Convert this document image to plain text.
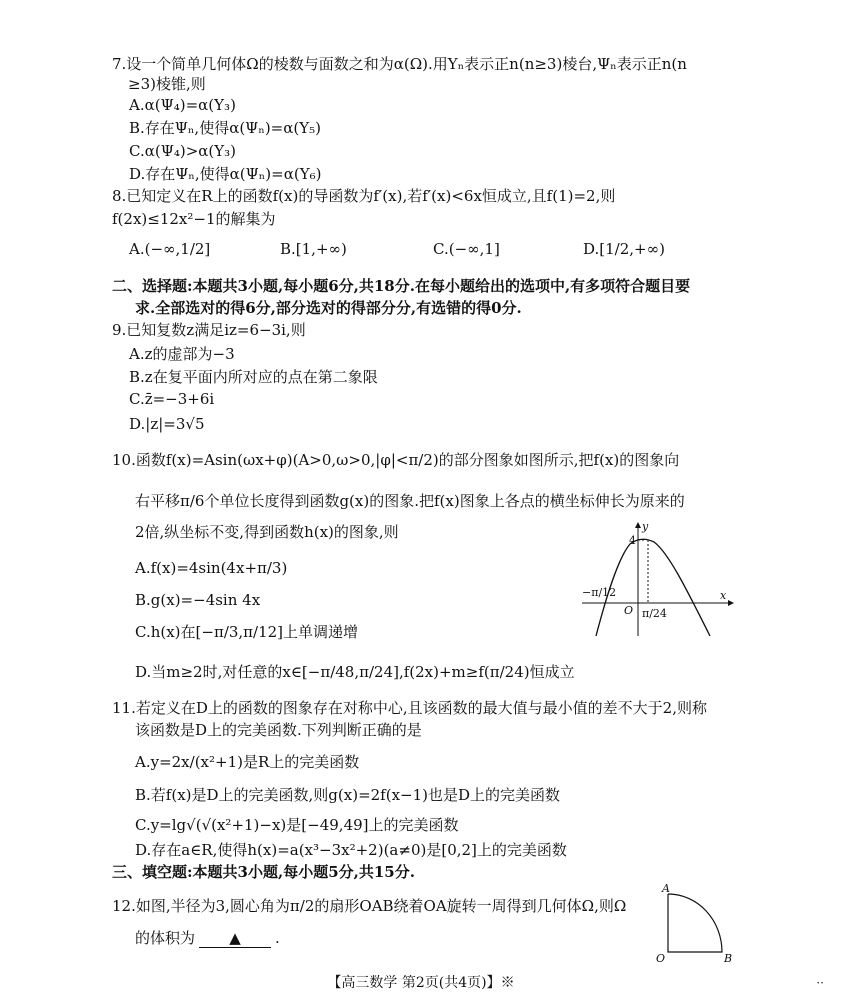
7.设一个简单几何体Ω的棱数与面数之和为α(Ω).用Υₙ表示正n(n≥3)棱台,Ψₙ表示正n(n
≥3)棱锥,则
A.α(Ψ₄)=α(Υ₃)
B.存在Ψₙ,使得α(Ψₙ)=α(Υ₅)
C.α(Ψ₄)>α(Υ₃)
D.存在Ψₙ,使得α(Ψₙ)=α(Υ₆)
8.已知定义在R上的函数f(x)的导函数为f′(x),若f′(x)<6x恒成立,且f(1)=2,则
f(2x)≤12x²−1的解集为
A.(−∞,1/2]	B.[1,+∞)	C.(−∞,1]	D.[1/2,+∞)
二、选择题:本题共3小题,每小题6分,共18分.在每小题给出的选项中,有多项符合题目要
求.全部选对的得6分,部分选对的得部分分,有选错的得0分.
9.已知复数z满足iz=6−3i,则
A.z的虚部为−3
B.z在复平面内所对应的点在第二象限
C.z̄=−3+6i
D.|z|=3√5
10.函数f(x)=Asin(ωx+φ)(A>0,ω>0,|φ|<π/2)的部分图象如图所示,把f(x)的图象向
右平移π/6个单位长度得到函数g(x)的图象.把f(x)图象上各点的横坐标伸长为原来的
2倍,纵坐标不变,得到函数h(x)的图象,则
A.f(x)=4sin(4x+π/3)
B.g(x)=−4sin 4x
C.h(x)在[−π/3,π/12]上单调递增
D.当m≥2时,对任意的x∈[−π/48,π/24],f(2x)+m≥f(π/24)恒成立
y
x
O
4
−π/12
π/24
11.若定义在D上的函数的图象存在对称中心,且该函数的最大值与最小值的差不大于2,则称
该函数是D上的完美函数.下列判断正确的是
A.y=2x/(x²+1)是R上的完美函数
B.若f(x)是D上的完美函数,则g(x)=2f(x−1)也是D上的完美函数
C.y=lg√(√(x²+1)−x)是[−49,49]上的完美函数
D.存在a∈R,使得h(x)=a(x³−3x²+2)(a≠0)是[0,2]上的完美函数
三、填空题:本题共3小题,每小题5分,共15分.
12.如图,半径为3,圆心角为π/2的扇形OAB绕着OA旋转一周得到几何体Ω,则Ω
的体积为 ▲ .
A
O	B
【高三数学 第2页(共4页)】※	··
